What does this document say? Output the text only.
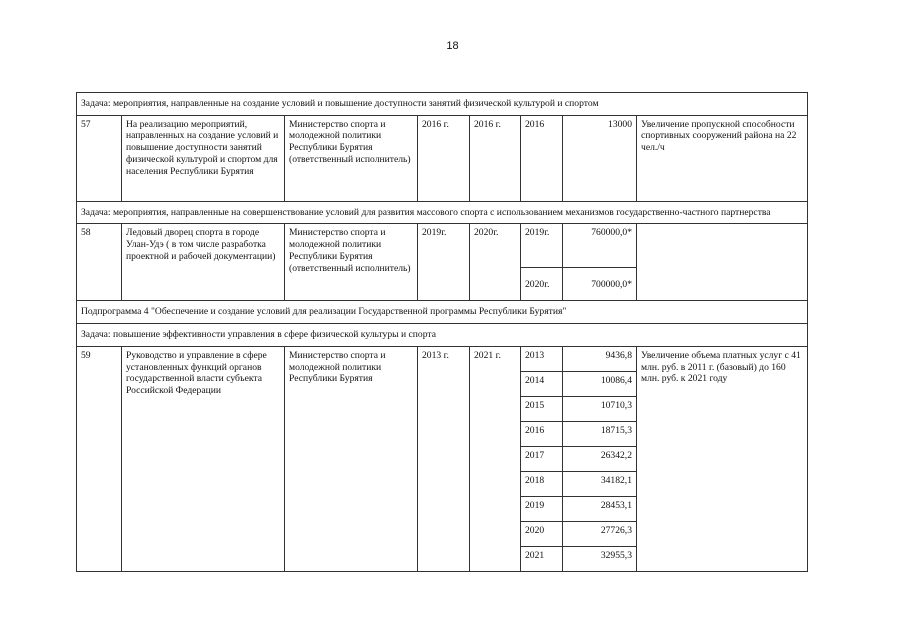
18
Задача: мероприятия, направленные на создание условий и повышение доступности занятий физической культурой и спортом							
57	На реализацию мероприятий, направленных на создание условий и повышение доступности занятий физической культурой и спортом для населения Республики Бурятия	Министерство спорта и молодежной политики Республики Бурятия (ответственный исполнитель)	2016 г.	2016 г.	2016	13000	Увеличение пропускной способности спортивных сооружений района на 22 чел./ч
Задача: мероприятия, направленные на совершенствование условий для развития массового спорта с использованием механизмов государственно-частного партнерства							
58	Ледовый дворец спорта в городе Улан-Удэ ( в том числе разработка проектной и рабочей документации)	Министерство спорта и молодежной политики Республики Бурятия (ответственный исполнитель)	2019г.	2020г.	2019г.	760000,0*	
					2020г.	700000,0*	
Подпрограмма 4 "Обеспечение и создание условий для реализации Государственной программы Республики Бурятия"							
Задача: повышение эффективности управления в сфере физической культуры и спорта							
59	Руководство и управление в сфере установленных функций органов государственной власти субъекта Российской Федерации	Министерство спорта и молодежной политики Республики Бурятия	2013 г.	2021 г.	2013	9436,8	Увеличение объема платных услуг с 41 млн. руб. в 2011 г. (базовый) до 160 млн. руб. к 2021 году
					2014	10086,4	
					2015	10710,3	
					2016	18715,3	
					2017	26342,2	
					2018	34182,1	
					2019	28453,1	
					2020	27726,3	
					2021	32955,3	
